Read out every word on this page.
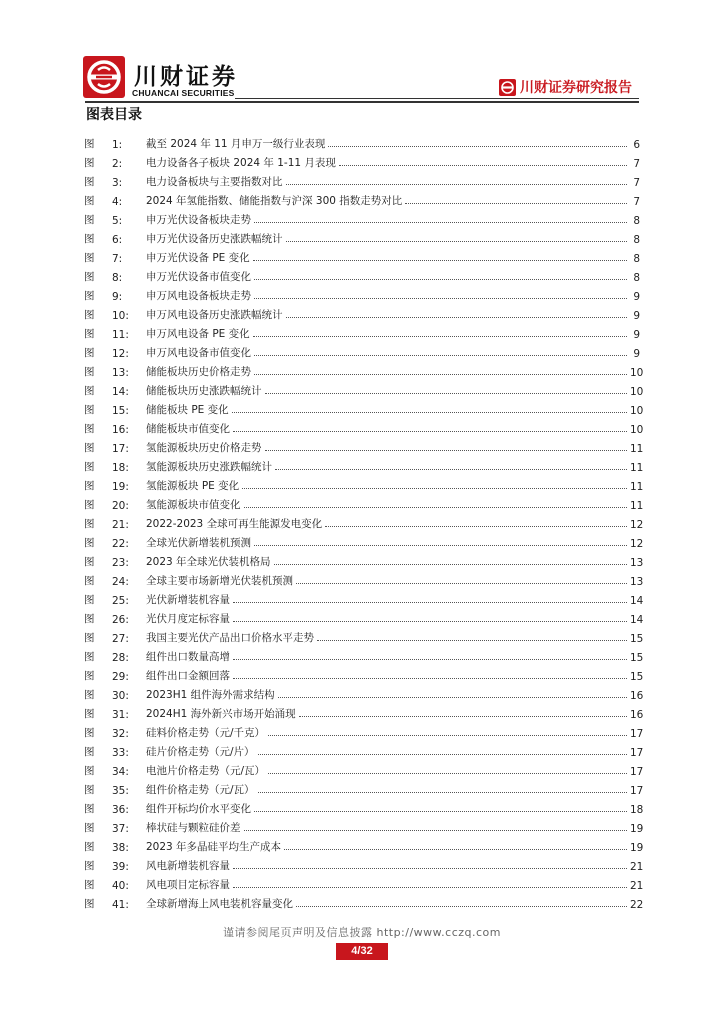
川财证券
CHUANCAI SECURITIES	川财证券研究报告
图表目录
图	1:	截至 2024 年 11 月申万一级行业表现	6
图	2:	电力设备各子板块 2024 年 1-11 月表现	7
图	3:	电力设备板块与主要指数对比	7
图	4:	2024 年氢能指数、储能指数与沪深 300 指数走势对比	7
图	5:	申万光伏设备板块走势	8
图	6:	申万光伏设备历史涨跌幅统计	8
图	7:	申万光伏设备 PE 变化	8
图	8:	申万光伏设备市值变化	8
图	9:	申万风电设备板块走势	9
图	10:	申万风电设备历史涨跌幅统计	9
图	11:	申万风电设备 PE 变化	9
图	12:	申万风电设备市值变化	9
图	13:	储能板块历史价格走势	10
图	14:	储能板块历史涨跌幅统计	10
图	15:	储能板块 PE 变化	10
图	16:	储能板块市值变化	10
图	17:	氢能源板块历史价格走势	11
图	18:	氢能源板块历史涨跌幅统计	11
图	19:	氢能源板块 PE 变化	11
图	20:	氢能源板块市值变化	11
图	21:	2022-2023 全球可再生能源发电变化	12
图	22:	全球光伏新增装机预测	12
图	23:	2023 年全球光伏装机格局	13
图	24:	全球主要市场新增光伏装机预测	13
图	25:	光伏新增装机容量	14
图	26:	光伏月度定标容量	14
图	27:	我国主要光伏产品出口价格水平走势	15
图	28:	组件出口数量高增	15
图	29:	组件出口金额回落	15
图	30:	2023H1 组件海外需求结构	16
图	31:	2024H1 海外新兴市场开始涌现	16
图	32:	硅料价格走势（元/千克）	17
图	33:	硅片价格走势（元/片）	17
图	34:	电池片价格走势（元/瓦）	17
图	35:	组件价格走势（元/瓦）	17
图	36:	组件开标均价水平变化	18
图	37:	棒状硅与颗粒硅价差	19
图	38:	2023 年多晶硅平均生产成本	19
图	39:	风电新增装机容量	21
图	40:	风电项目定标容量	21
图	41:	全球新增海上风电装机容量变化	22
谨请参阅尾页声明及信息披露 http://www.cczq.com
4/32
